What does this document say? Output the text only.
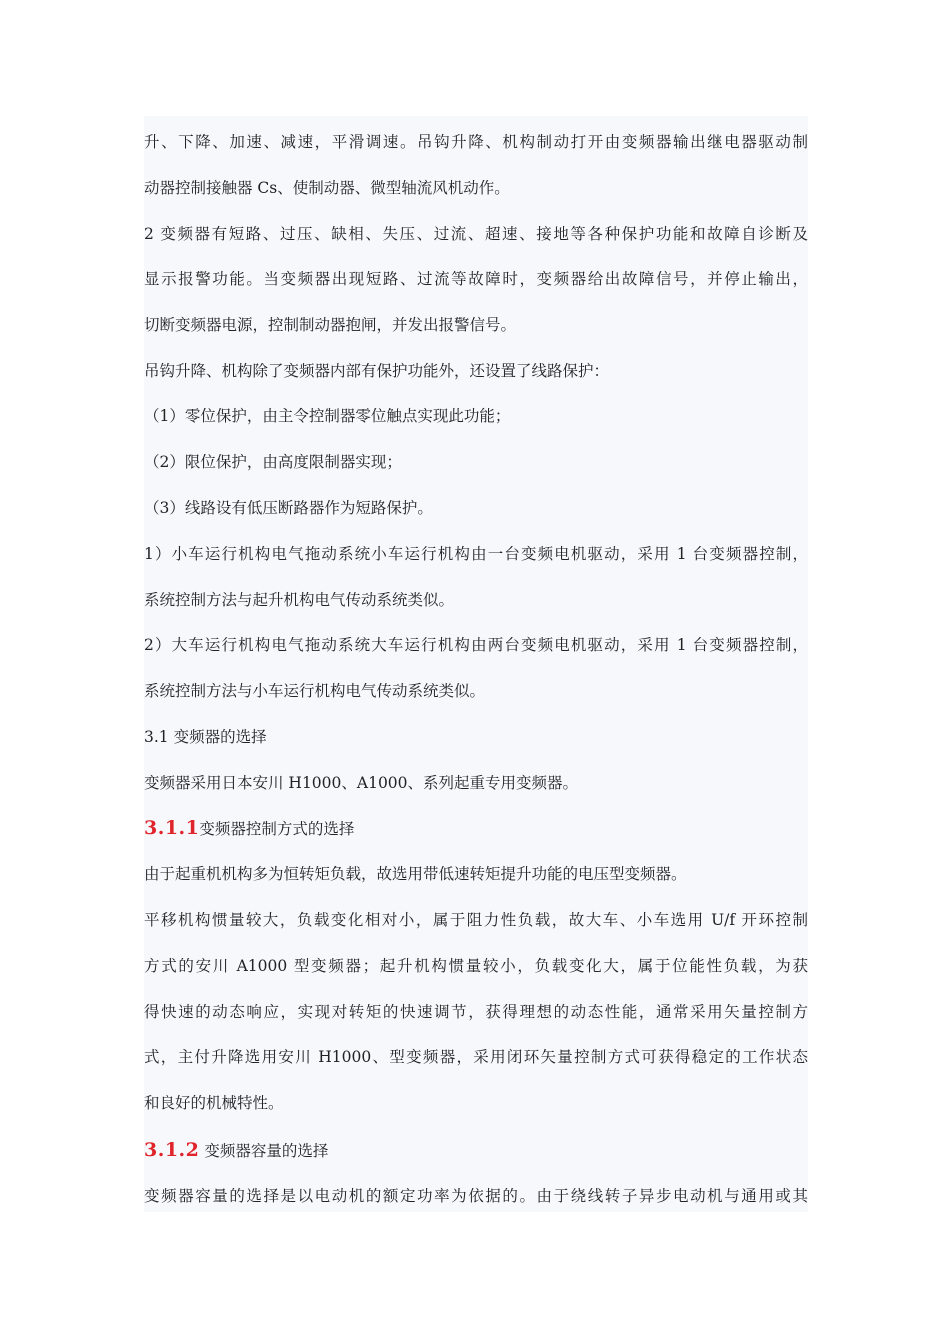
升、下降、加速、减速，平滑调速。吊钩升降、机构制动打开由变频器输出继电器驱动制
动器控制接触器 Cs、使制动器、微型轴流风机动作。
2 变频器有短路、过压、缺相、失压、过流、超速、接地等各种保护功能和故障自诊断及
显示报警功能。当变频器出现短路、过流等故障时，变频器给出故障信号，并停止输出，
切断变频器电源，控制制动器抱闸，并发出报警信号。
吊钩升降、机构除了变频器内部有保护功能外，还设置了线路保护：
（1）零位保护，由主令控制器零位触点实现此功能；
（2）限位保护，由高度限制器实现；
（3）线路设有低压断路器作为短路保护。
1）小车运行机构电气拖动系统小车运行机构由一台变频电机驱动，采用 1 台变频器控制，
系统控制方法与起升机构电气传动系统类似。
2）大车运行机构电气拖动系统大车运行机构由两台变频电机驱动，采用 1 台变频器控制，
系统控制方法与小车运行机构电气传动系统类似。
3.1 变频器的选择
变频器采用日本安川 H1000、A1000、系列起重专用变频器。
3.1.1变频器控制方式的选择
由于起重机机构多为恒转矩负载，故选用带低速转矩提升功能的电压型变频器。
平移机构惯量较大，负载变化相对小，属于阻力性负载，故大车、小车选用 U/f 开环控制
方式的安川 A1000 型变频器；起升机构惯量较小，负载变化大，属于位能性负载，为获
得快速的动态响应，实现对转矩的快速调节，获得理想的动态性能，通常采用矢量控制方
式，主付升降选用安川 H1000、型变频器，采用闭环矢量控制方式可获得稳定的工作状态
和良好的机械特性。
3.1.2 变频器容量的选择
变频器容量的选择是以电动机的额定功率为依据的。由于绕线转子异步电动机与通用或其
